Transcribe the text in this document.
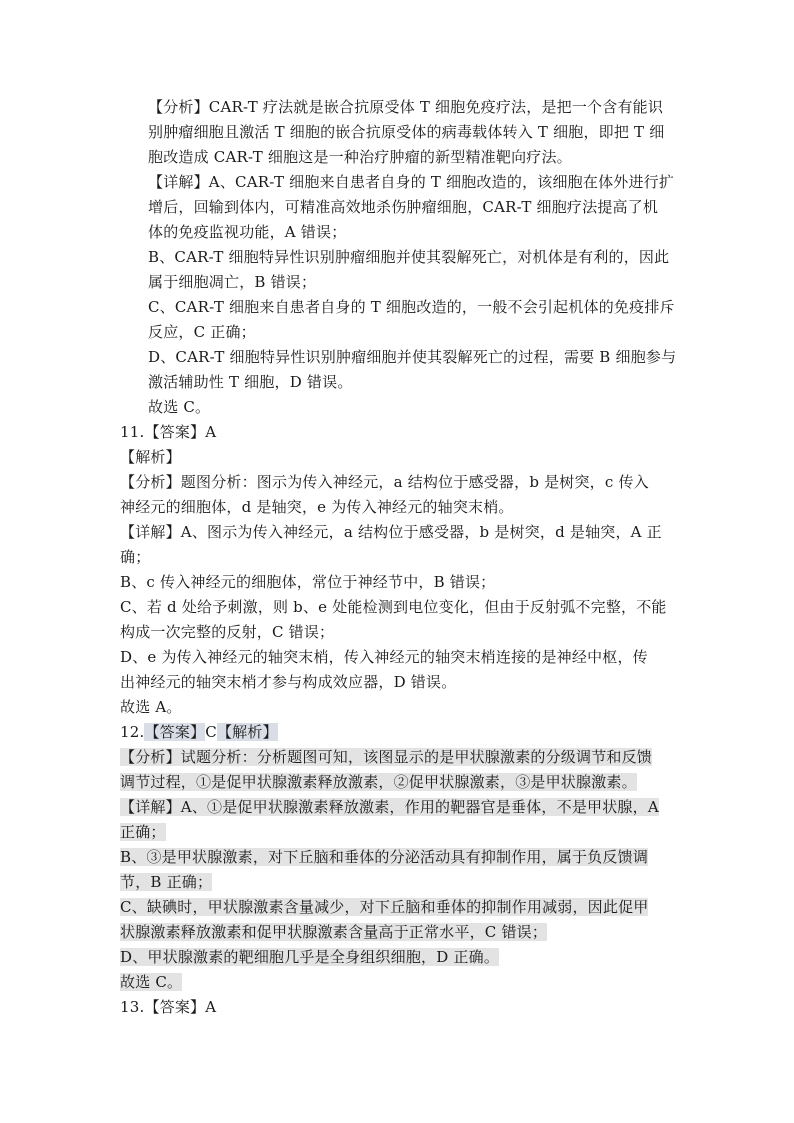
【分析】CAR-T 疗法就是嵌合抗原受体 T 细胞免疫疗法，是把一个含有能识
别肿瘤细胞且激活 T 细胞的嵌合抗原受体的病毒载体转入 T 细胞，即把 T 细
胞改造成 CAR-T 细胞这是一种治疗肿瘤的新型精准靶向疗法。
【详解】A、CAR-T 细胞来自患者自身的 T 细胞改造的，该细胞在体外进行扩
增后，回输到体内，可精准高效地杀伤肿瘤细胞，CAR-T 细胞疗法提高了机
体的免疫监视功能，A 错误；
B、CAR-T 细胞特异性识别肿瘤细胞并使其裂解死亡，对机体是有利的，因此
属于细胞凋亡，B 错误；
C、CAR-T 细胞来自患者自身的 T 细胞改造的，一般不会引起机体的免疫排斥
反应，C 正确；
D、CAR-T 细胞特异性识别肿瘤细胞并使其裂解死亡的过程，需要 B 细胞参与
激活辅助性 T 细胞，D 错误。
故选 C。
11.【答案】A
【解析】
【分析】题图分析：图示为传入神经元，a 结构位于感受器，b 是树突，c 传入
神经元的细胞体，d 是轴突，e 为传入神经元的轴突末梢。
【详解】A、图示为传入神经元，a 结构位于感受器，b 是树突，d 是轴突，A 正
确；
B、c 传入神经元的细胞体，常位于神经节中，B 错误；
C、若 d 处给予刺激，则 b、e 处能检测到电位变化，但由于反射弧不完整，不能
构成一次完整的反射，C 错误；
D、e 为传入神经元的轴突末梢，传入神经元的轴突末梢连接的是神经中枢，传
出神经元的轴突末梢才参与构成效应器，D 错误。
故选 A。
12.【答案】C【解析】
【分析】试题分析：分析题图可知，该图显示的是甲状腺激素的分级调节和反馈
调节过程，①是促甲状腺激素释放激素，②促甲状腺激素，③是甲状腺激素。
【详解】A、①是促甲状腺激素释放激素，作用的靶器官是垂体，不是甲状腺，A
正确；
B、③是甲状腺激素，对下丘脑和垂体的分泌活动具有抑制作用，属于负反馈调
节，B 正确；
C、缺碘时，甲状腺激素含量减少，对下丘脑和垂体的抑制作用减弱，因此促甲
状腺激素释放激素和促甲状腺激素含量高于正常水平，C 错误；
D、甲状腺激素的靶细胞几乎是全身组织细胞，D 正确。
故选 C。
13.【答案】A
